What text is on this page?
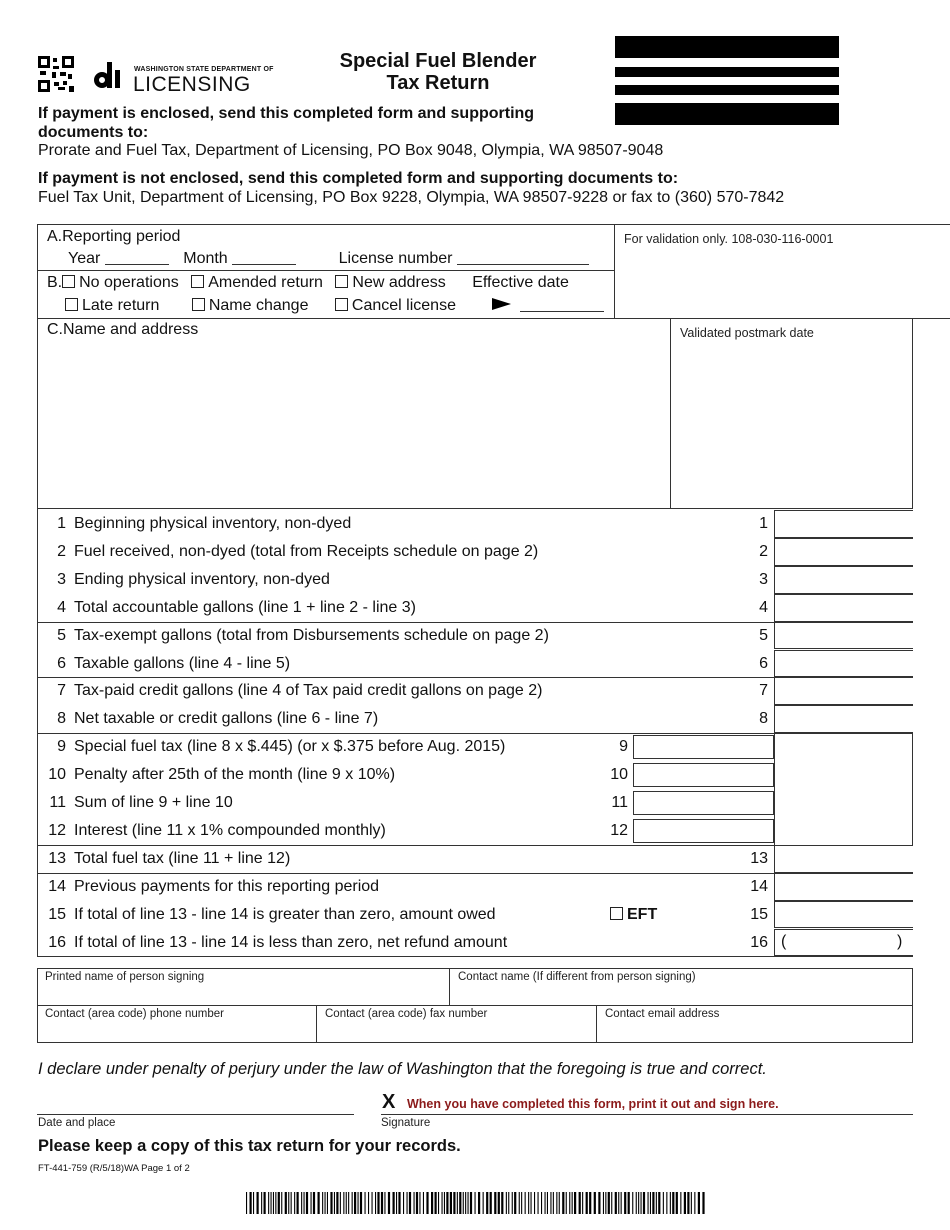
WASHINGTON STATE DEPARTMENT OF
LICENSING
Special Fuel Blender
Tax Return
If payment is enclosed, send this completed form and supporting documents to:
Prorate and Fuel Tax, Department of Licensing, PO Box 9048, Olympia, WA 98507-9048
If payment is not enclosed, send this completed form and supporting documents to:
Fuel Tax Unit, Department of Licensing, PO Box 9228, Olympia, WA 98507-9228 or fax to (360) 570-7842
A.Reporting period
Year	Month	License number
B. No operations Amended return New address Effective date
Late return	Name change	Cancel license
C.Name and address
For validation only. 108-030-116-0001
Validated postmark date
1 Beginning physical inventory, non-dyed	1
2 Fuel received, non-dyed (total from Receipts schedule on page 2)	2
3 Ending physical inventory, non-dyed	3
4 Total accountable gallons (line 1 + line 2 - line 3)	4
5 Tax-exempt gallons (total from Disbursements schedule on page 2)	5
6 Taxable gallons (line 4 - line 5)	6
7 Tax-paid credit gallons (line 4 of Tax paid credit gallons on page 2)	7
8 Net taxable or credit gallons (line 6 - line 7)	8
9 Special fuel tax (line 8 x $.445) (or x $.375 before Aug. 2015)	9
10 Penalty after 25th of the month (line 9 x 10%)	10
11 Sum of line 9 + line 10	11
12 Interest (line 11 x 1% compounded monthly)	12
13 Total fuel tax (line 11 + line 12)	13
14 Previous payments for this reporting period	14
15 If total of line 13 - line 14 is greater than zero, amount owed	15
16 If total of line 13 - line 14 is less than zero, net refund amount	16
EFT
(	)
Printed name of person signing	Contact name (If different from person signing)
Contact (area code) phone number	Contact (area code) fax number	Contact email address
I declare under penalty of perjury under the law of Washington that the foregoing is true and correct.
X When you have completed this form, print it out and sign here.
Date and place	Signature
Please keep a copy of this tax return for your records.
FT-441-759 (R/5/18)WA Page 1 of 2
